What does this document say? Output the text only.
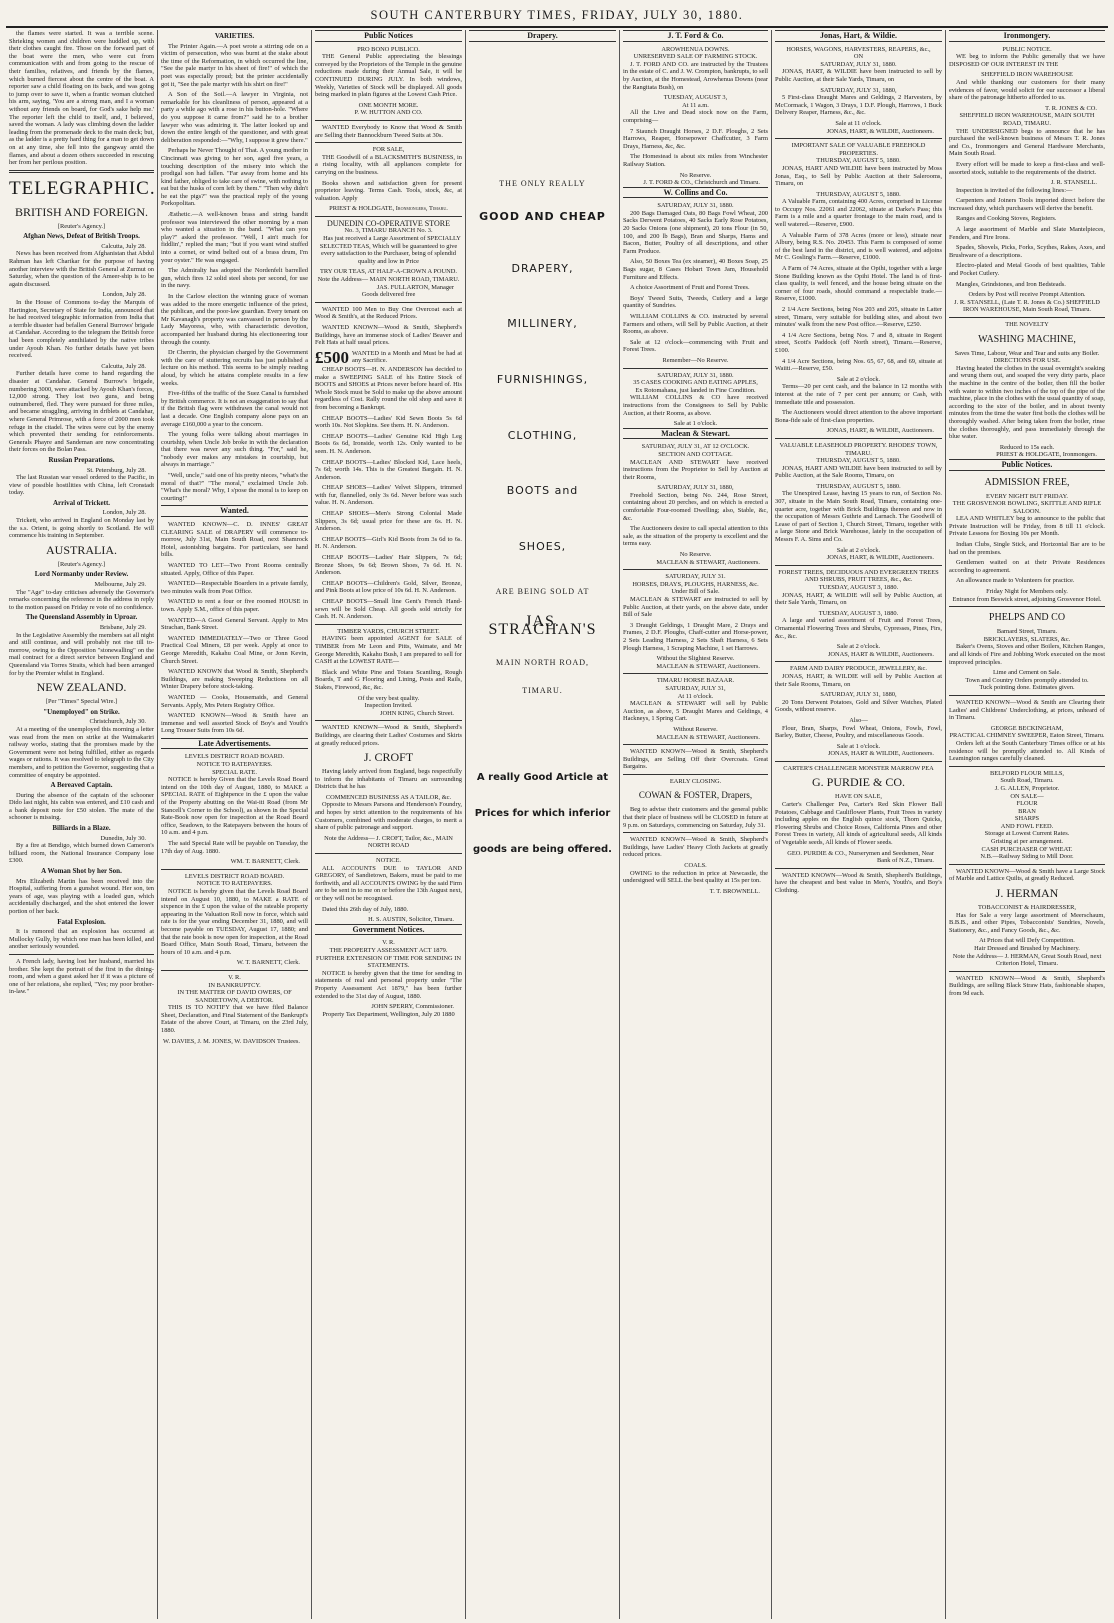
SOUTH CANTERBURY TIMES, FRIDAY, JULY 30, 1880.

the flames were started. It was a terrible scene. Shrieking women and children were huddled up, with their clothes caught fire. Those on the forward part of the boat were the men, who were cut from communication with and from going to the rescue of their families, relatives, and friends by the flames, which burned fiercest about the centre of the boat. A reporter saw a child floating on its back, and was going to jump over to save it, when a frantic woman clutched his arm, saying, 'You are a strong man, and I a woman without any friends on board, for God's sake help me.' The reporter left the child to itself, and, I believed, saved the woman. A lady was climbing down the ladder leading from the promenade deck to the main deck; but, as the ladder is a pretty hard thing for a man to get down on at any time, she fell into the gangway amid the flames, and about a dozen others succeeded in rescuing her from her perilous position.

TELEGRAPHIC.
BRITISH AND FOREIGN.
[Reuter's Agency.]
Afghan News, Defeat of British Troops.
Calcutta, July 28.

News has been received from Afghanistan that Abdul Rahman has left Charikar for the purpose of having another interview with the British General at Zurmut on Saturday, when the question of the Ameer-ship is to be again discussed.

London, July 28.

In the House of Commons to-day the Marquis of Hartington, Secretary of State for India, announced that he had received telegraphic information from India that a terrible disaster had befallen General Burrows' brigade at Candahar. According to the telegram the British force had been completely annihilated by the native tribes under Ayoub Khan. No further details have yet been received.

Calcutta, July 28.

Further details have come to hand regarding the disaster at Candahar. General Burrow's brigade, numbering 3000, were attacked by Ayoub Khan's forces, 12,000 strong. They lost two guns, and being outnumbered, fled. They were pursued for three miles, and became straggling, arriving in driblets at Candahar, where General Primrose, with a force of 2000 men took refuge in the citadel. The wires were cut by the enemy which prevented their sending for reinforcements. Generals Phayre and Sandeman are now concentrating their forces on the Bolan Pass.

Russian Preparations.
St. Petersburg, July 28.

The last Russian war vessel ordered to the Pacific, in view of possible hostilities with China, left Cronstadt today.

Arrival of Trickett.
London, July 28.

Trickett, who arrived in England on Monday last by the s.s. Orient, is going shortly to Scotland. He will commence his training in September.

AUSTRALIA.
[Reuter's Agency.]
Lord Normanby under Review.
Melbourne, July 29.

The "Age" to-day criticises adversely the Governor's remarks concerning the reference in the address in reply to the motion passed on Friday re vote of no confidence.

The Queensland Assembly in Uproar.
Brisbane, July 29.

In the Legislative Assembly the members sat all night and still continue, and will probably not rise till to-morrow, owing to the Opposition "stonewalling" on the mail contract for a direct service between England and Queensland via Torres Straits, which had been arranged for by the Premier whilst in England.

NEW ZEALAND.
[Per "Times" Special Wire.]
"Unemployed" on Strike.
Christchurch, July 30.

At a meeting of the unemployed this morning a letter was read from the men on strike at the Waimakariri railway works, stating that the promises made by the Government were not being fulfilled, either as regards wages or rations. It was resolved to telegraph to the City members, and to petition the Governor, suggesting that a committee of enquiry be appointed.

A Bereaved Captain.

During the absence of the captain of the schooner Dido last night, his cabin was entered, and £10 cash and a bank deposit note for £50 stolen. The mate of the schooner is missing.

Billiards in a Blaze.
Dunedin, July 30.

By a fire at Bendigo, which burned down Cameron's billiard room, the National Insurance Company lose £300.

A Woman Shot by her Son.

Mrs Elizabeth Martin has been received into the Hospital, suffering from a gunshot wound. Her son, ten years of age, was playing with a loaded gun, which accidentally discharged, and the shot entered the lower portion of her back.

Fatal Explosion.

It is rumored that an explosion has occurred at Mullocky Gully, by which one man has been killed, and another seriously wounded.

A French lady, having lost her husband, married his brother. She kept the portrait of the first in the dining-room, and when a guest asked her if it was a picture of one of her relations, she replied, "Yes; my poor brother-in-law."

VARIETIES.

The Printer Again.—A poet wrote a stirring ode on a victim of persecution, who was burnt at the stake about the time of the Reformation, in which occurred the line, "See the pale martyr in his sheet of fire!" of which the poet was especially proud; but the printer accidentally got it, "See the pale martyr with his shirt on fire!"

A Son of the Soil.—A lawyer in Virginia, not remarkable for his cleanliness of person, appeared at a party a while ago with a rose in his button-hole. "Where do you suppose it came from?" said he to a brother lawyer who was admiring it. The latter looked up and down the entire length of the questioner, and with great deliberation responded:—"Why, I suppose it grew there."

Perhaps he Never Thought of That. A young mother in Cincinnati was giving to her son, aged five years, a touching description of the misery into which the prodigal son had fallen. "Far away from home and his kind father, obliged to take care of swine, with nothing to eat but the husks of corn left by them." "Then why didn't he eat the pigs?" was the practical reply of the young Porkopolitan.

Æsthetic.—A well-known brass and string bandit professor was interviewed the other morning by a man who wanted a situation in the band. "What can you play?" asked the professor. "Well, I ain't much for fiddlin'," replied the man; "but if you want wind stuffed into a cornet, or wind belted out of a brass drum, I'm your oyster." He was engaged.

The Admiralty has adopted the Nordenfelt barrelled gun, which fires 12 solid steel shots per second, for use in the navy.

In the Carlow election the winning grace of woman was added to the more energetic influence of the priest, the publican, and the poor-law guardian. Every tenant on Mr Kavanagh's property was canvassed in person by the Lady Mayoress, who, with characteristic devotion, accompanied her husband during his electioneering tour through the county.

Dr Cherrin, the physician charged by the Government with the care of stuttering recruits has just published a lecture on his method. This seems to be simply reading aloud, by which he attains complete results in a few weeks.

Five-fifths of the traffic of the Suez Canal is furnished by British commerce. It is not an exaggeration to say that if the British flag were withdrawn the canal would not last a decade. One English company alone pays on an average £160,000 a year to the concern.

The young folks were talking about marriages in courtship, when Uncle Job broke in with the declaration that there was never any such thing. "For," said he, "nobody ever makes any mistakes in courtship, but always in marriage."

"Well, uncle," said one of his pretty nieces, "what's the moral of that?" "The moral," exclaimed Uncle Job. "What's the moral? Why, I s'pose the moral is to keep on courting!"

Wanted.

WANTED KNOWN—C. D. INNES' GREAT CLEARING SALE of DRAPERY will commence to-morrow, July 31st, Main South Road, next Shamrock Hotel, astonishing bargains. For particulars, see hand bills.

WANTED TO LET—Two Front Rooms centrally situated. Apply, Office of this Paper.

WANTED—Respectable Boarders in a private family, two minutes walk from Post Office.

WANTED to rent a four or five roomed HOUSE in town. Apply S.M., office of this paper.

WANTED—A Good General Servant. Apply to Mrs Strachan, Bank Street.

WANTED IMMEDIATELY—Two or Three Good Practical Coal Miners, £8 per week. Apply at once to George Meredith, Kakahu Coal Mine, or Jonn Kevin, Church Street.

WANTED KNOWN that Wood & Smith, Shepherd's Buildings, are making Sweeping Reductions on all Winter Drapery before stock-taking.

WANTED — Cooks, Housemaids, and General Servants. Apply, Mrs Peters Registry Office.

WANTED KNOWN—Wood & Smith have an immense and well assorted Stock of Boy's and Youth's Long Trouser Suits from 10s 6d.

Late Advertisements.
LEVELS DISTRICT ROAD BOARD.
NOTICE TO RATEPAYERS.
SPECIAL RATE.

NOTICE is hereby Given that the Levels Road Board intend on the 10th day of August, 1880, to MAKE a SPECIAL RATE of Eightpence in the £ upon the value of the Property abutting on the Wai-iti Road (from Mr Stancell's Corner to the School), as shown in the Special Rate-Book now open for inspection at the Road Board office, Seadown, to the Ratepayers between the hours of 10 a.m. and 4 p.m.

The said Special Rate will be payable on Tuesday, the 17th day of Aug. 1880.

WM. T. BARNETT, Clerk.
LEVELS DISTRICT ROAD BOARD.
NOTICE TO RATEPAYERS.

NOTICE is hereby given that the Levels Road Board intend on August 10, 1880, to MAKE a RATE of sixpence in the £ upon the value of the rateable property appearing in the Valuation Roll now in force, which said rate is for the year ending December 31, 1880, and will become payable on TUESDAY, August 17, 1880; and that the rate book is now open for inspection, at the Road Board Office, Main South Road, Timaru, between the hours of 10 a.m. and 4 p.m.

W. T. BARNETT, Clerk.
V. R.
IN BANKRUPTCY.
IN THE MATTER OF DAVID OWERS, OF SANDIETOWN, A DEBTOR.

THIS IS TO NOTIFY that we have filed Balance Sheet, Declaration, and Final Statement of the Bankrupt's Estate of the above Court, at Timaru, on the 23rd July, 1880.

W. DAVIES, J. M. JONES, W. DAVIDSON Trustees.
Public Notices
PRO BONO PUBLICO.

THE General Public appreciating the blessings conveyed by the Proprietors of the Temple in the genuine reductions made during their Annual Sale, it will be CONTINUED DURING JULY. In both windows, Weekly, Varieties of Stock will be displayed. All goods being marked in plain figures at the Lowest Cash Price.

ONE MONTH MORE.
P. W. HUTTON AND CO.

WANTED Everybody to Know that Wood & Smith are Selling their Bannockburn Tweed Suits at 30s.

FOR SALE,

THE Goodwill of a BLACKSMITH'S BUSINESS, in a rising locality, with all appliances complete for carrying on the business.

Books shown and satisfaction given for present proprietor leaving. Terms Cash. Tools, stock, &c, at valuation. Apply

PRIEST & HOLDGATE, Ironmongers, Timaru.
DUNEDIN CO-OPERATIVE STORE
No. 3, TIMARU BRANCH No. 3.

Has just received a Large Assortment of SPECIALLY SELECTED TEAS, Which will be guaranteed to give every satisfaction to the Purchaser, being of splendid quality and low in Price

TRY OUR TEAS, AT HALF-A-CROWN A POUND.
Note the Address— MAIN NORTH ROAD, TIMARU.
JAS. FULLARTON, Manager
Goods delivered free

WANTED 100 Men to Buy One Overcoat each at Wood & Smith's, at the Reduced Prices.

WANTED KNOWN—Wood & Smith, Shepherd's Buildings, have an immense stock of Ladies' Beaver and Felt Hats at half usual prices.

£500 WANTED in a Month and Must be had at any Sacrifice.

CHEAP BOOTS—H. N. ANDERSON has decided to make a SWEEPING SALE of his Entire Stock of BOOTS and SHOES at Prices never before heard of. His Whole Stock must be Sold to make up the above amount regardless of Cost. Rally round the old shop and save it from becoming a Bankrupt.

CHEAP BOOTS—Ladies' Kid Sewn Boots 5s 6d worth 10s. Not Slopkins. See them. H. N. Anderson.

CHEAP BOOTS—Ladies' Genuine Kid High Leg Boots 6s 6d, Ironside, worth 12s. Only wanted to be seen. H. N. Anderson.

CHEAP BOOTS—Ladies' Blocked Kid, Lace heels, 7s 6d; worth 14s. This is the Greatest Bargain. H. N. Anderson.

CHEAP SHOES—Ladies' Velvet Slippers, trimmed with fur, flannelled, only 3s 6d. Never before was such value. H. N. Anderson.

CHEAP SHOES—Men's Strong Colonial Made Slippers, 3s 6d; usual price for these are 6s. H. N. Anderson.

CHEAP BOOTS—Girl's Kid Boots from 3s 6d to 6s. H. N. Anderson.

CHEAP BOOTS—Ladies' Hair Slippers, 7s 6d; Bronze Shoes, 9s 6d; Brown Shoes, 7s 6d. H. N. Anderson.

CHEAP BOOTS—Children's Gold, Silver, Bronze, and Pink Boots at low price of 10s 6d. H. N. Anderson.

CHEAP BOOTS—Small line Gent's French Hand-sewn will be Sold Cheap. All goods sold strictly for Cash. H. N. Anderson.

TIMBER YARDS, CHURCH STREET.

HAVING been appointed AGENT for SALE of TIMBER from Mr Leon and Pitts, Waimate, and Mr George Meredith, Kakahu Bush, I am prepared to sell for CASH at the LOWEST RATE—

Black and White Pine and Totara Scantling, Rough Boards, T and G Flooring and Lining, Posts and Rails, Stakes, Firewood, &c, &c.

Of the very best quality.
Inspection Invited.
JOHN KING, Church Street.

WANTED KNOWN—Wood & Smith, Shepherd's Buildings, are clearing their Ladies' Costumes and Skirts at greatly reduced prices.

J. CROFT

Having lately arrived from England, begs respectfully to inform the inhabitants of Timaru an surrounding Districts that he has

COMMENCED BUSINESS AS A TAILOR, &c.

Opposite to Messrs Parsons and Henderson's Foundry, and hopes by strict attention to the requirements of his Customers, combined with moderate charges, to merit a share of public patronage and support.

Note the Address— J. CROFT, Tailor, &c., MAIN NORTH ROAD
NOTICE.

ALL ACCOUNTS DUE to TAYLOR AND GREGORY, of Sandietown, Bakers, must be paid to me forthwith, and all ACCOUNTS OWING by the said Firm are to be sent in to me on or before the 13th August next, or they will not be recognised.

Dated this 26th day of July, 1880.

H. S. AUSTIN, Solicitor, Timaru.
Government Notices.
V. R.
THE PROPERTY ASSESSMENT ACT 1879.
FURTHER EXTENSION OF TIME FOR SENDING IN STATEMENTS.

NOTICE is hereby given that the time for sending in statements of real and personal property under "The Property Assessment Act 1879," has been further extended to the 31st day of August, 1880.

JOHN SPERRY, Commissioner.
Property Tax Department, Wellington, July 20 1880
Drapery.
THE ONLY REALLY
GOOD AND CHEAP
DRAPERY,
MILLINERY,
FURNISHINGS,
CLOTHING,
BOOTS and
SHOES,
ARE BEING SOLD AT
JAS. STRACHAN'S
MAIN NORTH ROAD,
TIMARU.
A really Good Article at
Prices for which inferior
goods are being offered.
J. T. Ford & Co.
AROWHENUA DOWNS.
UNRESERVED SALE OF FARMING STOCK.

J. T. FORD AND CO. are instructed by the Trustees in the estate of C. and J. W. Crompton, bankrupts, to sell by Auction, at the Homestead, Arowhenua Downs (near the Rangitata Bush), on

TUESDAY, AUGUST 3,
At 11 a.m.

All the Live and Dead stock now on the Farm, comprising—

7 Staunch Draught Horses, 2 D.F. Ploughs, 2 Sets Harrows, Reaper, Horsepower Chaffcutter, 3 Farm Drays, Harness, &c, &c.

The Homestead is about six miles from Winchester Railway Station.

No Reserve.
J. T. FORD & CO., Christchurch and Timaru.
W. Collins and Co.
SATURDAY, JULY 31, 1880.

200 Bags Damaged Oats, 80 Bags Fowl Wheat, 200 Sacks Derwent Potatoes, 40 Sacks Early Rose Potatoes, 20 Sacks Onions (one shipment), 20 tons Flour (in 50, 100, and 200 lb Bags), Bran and Sharps, Hams and Bacon, Butter, Poultry of all descriptions, and other Farm Produce.

Also, 50 Boxes Tea (ex steamer), 40 Boxes Soap, 25 Bags sugar, 8 Cases Hobart Town Jam, Household Furniture and Effects.

A choice Assortment of Fruit and Forest Trees.

Boys' Tweed Suits, Tweeds, Cutlery and a large quantity of Sundries.

WILLIAM COLLINS & CO. instructed by several Farmers and others, will Sell by Public Auction, at their Rooms, as above.

Sale at 12 o'clock—commencing with Fruit and Forest Trees.

Remember—No Reserve.
SATURDAY, JULY 31, 1880.
35 CASES COOKING AND EATING APPLES,
Ex Rotomahana, just landed in Fine Condition.

WILLIAM COLLINS & CO have received instructions from the Consignees to Sell by Public Auction, at their Rooms, as above.

Sale at 1 o'clock.
Maclean & Stewart.
SATURDAY, JULY 31, AT 12 O'CLOCK.
SECTION AND COTTAGE.

MACLEAN AND STEWART have received instructions from the Proprietor to Sell by Auction at their Rooms,

SATURDAY, JULY 31, 1880,

Freehold Section, being No. 244, Rose Street, containing about 20 perches, and on which is erected a comfortable Four-roomed Dwelling; also, Stable, &c, &c.

The Auctioneers desire to call special attention to this sale, as the situation of the property is excellent and the terms easy.

No Reserve.
MACLEAN & STEWART, Auctioneers.
SATURDAY, JULY 31.
HORSES, DRAYS, PLOUGHS, HARNESS, &c.
Under Bill of Sale.

MACLEAN & STEWART are instructed to sell by Public Auction, at their yards, on the above date, under Bill of Sale

3 Draught Geldings, 1 Draught Mare, 2 Drays and Frames, 2 D.F. Ploughs, Chaff-cutter and Horse-power, 2 Sets Leading Harness, 2 Sets Shaft Harness, 6 Sets Plough Harness, 1 Scraping Machine, 1 set Harrows.

Without the Slightest Reserve.
MACLEAN & STEWART, Auctioneers.
TIMARU HORSE BAZAAR.
SATURDAY, JULY 31,
At 11 o'clock.

MACLEAN & STEWART will sell by Public Auction, as above, 5 Draught Mares and Geldings, 4 Hackneys, 1 Spring Cart.

Without Reserve.
MACLEAN & STEWART, Auctioneers.

WANTED KNOWN—Wood & Smith, Shepherd's Buildings, are Selling Off their Overcoats. Great Bargains.

EARLY CLOSING.
COWAN & FOSTER, Drapers,

Beg to advise their customers and the general public that their place of business will be CLOSED in future at 9 p.m. on Saturdays, commencing on Saturday, July 31.

WANTED KNOWN—Wood & Smith, Shepherd's Buildings, have Ladies' Heavy Cloth Jackets at greatly reduced prices.

COALS.

OWING to the reduction in price at Newcastle, the undersigned will SELL the best quality at 15s per ton.

T. T. BROWNELL.
Jonas, Hart, & Wildie.
HORSES, WAGONS, HARVESTERS, REAPERS, &c.,
ON
SATURDAY, JULY 31, 1880.

JONAS, HART, & WILDIE have been instructed to sell by Public Auction, at their Sale Yards, Timaru, on

SATURDAY, JULY 31, 1880,

5 First-class Draught Mares and Geldings, 2 Harvesters, by McCormack, 1 Wagon, 3 Drays, 1 D.F. Plough, Harrows, 1 Buck Delivery Reaper, Harness, &c., &c.

Sale at 11 o'clock.
JONAS, HART, & WILDIE, Auctioneers.
IMPORTANT SALE OF VALUABLE FREEHOLD PROPERTIES.
THURSDAY, AUGUST 5, 1880.

JONAS, HART AND WILDIE have been instructed by Moss Jonas, Esq., to Sell by Public Auction at their Salerooms, Timaru, on

THURSDAY, AUGUST 5, 1880.

A Valuable Farm, containing 400 Acres, comprised in License to Occupy Nos. 22061 and 22062, situate at Darke's Pass; this Farm is a mile and a quarter frontage to the main road, and is well watered.—Reserve, £900.

A Valuable Farm of 378 Acres (more or less), situate near Albury, being R.S. No. 20453. This Farm is composed of some of the best land in the district, and is well watered, and adjoins Mr C. Gosling's Farm.—Reserve, £1000.

A Farm of 74 Acres, situate at the Opihi, together with a large Stone Building known as the Opihi Hotel. The land is of first-class quality, is well fenced, and the house being situate on the corner of four roads, should command a respectable trade.—Reserve, £1000.

2 1/4 Acre Sections, being Nos 203 and 205, situate in Latter street, Timaru, very suitable for building sites, and about two minutes' walk from the new Post office.—Reserve, £250.

4 1/4 Acre Sections, being Nos. 7 and 8, situate in Regent street, Scott's Paddock (off North street), Timaru.—Reserve, £100.

4 1/4 Acre Sections, being Nos. 65, 67, 68, and 69, situate at Waiiti.—Reserve, £50.

Sale at 2 o'clock.

Terms—20 per cent cash, and the balance in 12 months with interest at the rate of 7 per cent per annum; or Cash, with immediate title and possession.

The Auctioneers would direct attention to the above important Bona-fide sale of first-class properties.

JONAS, HART, & WILDIE, Auctioneers.
VALUABLE LEASEHOLD PROPERTY. RHODES' TOWN, TIMARU.
THURSDAY, AUGUST 5, 1880.

JONAS, HART AND WILDIE have been instructed to sell by Public Auction, at the Sale Rooms, Timaru, on

THURSDAY, AUGUST 5, 1880.

The Unexpired Lease, having 15 years to run, of Section No. 307, situate in the Main South Road, Timaru, containing one-quarter acre, together with Brick Buildings thereon and now in the occupation of Messrs Guthrie and Larnach. The Goodwill of Lease of part of Section 1, Church Street, Timaru, together with a large Stone and Brick Warehouse, lately in the occupation of Messrs F. A. Sims and Co.

Sale at 2 o'clock.
JONAS, HART, & WILDIE, Auctioneers.
FOREST TREES, DECIDUOUS AND EVERGREEN TREES AND SHRUBS, FRUIT TREES, &c., &c.
TUESDAY, AUGUST 3, 1880.

JONAS, HART, & WILDIE will sell by Public Auction, at their Sale Yards, Timaru, on

TUESDAY, AUGUST 3, 1880.

A large and varied assortment of Fruit and Forest Trees, Ornamental Flowering Trees and Shrubs, Cypresses, Pines, Firs, &c., &c.

Sale at 2 o'clock.
JONAS, HART & WILDIE, Auctioneers.
FARM AND DAIRY PRODUCE, JEWELLERY, &c.

JONAS, HART, & WILDIE will sell by Public Auction at their Sale Rooms, Timaru, on

SATURDAY, JULY 31, 1880,

20 Tons Derwent Potatoes, Gold and Silver Watches, Plated Goods, without reserve.

Also—

Flour, Bran, Sharps, Fowl Wheat, Onions, Fowls, Fowl, Barley, Butter, Cheese, Poultry, and miscellaneous Goods.

Sale at 1 o'clock.
JONAS, HART & WILDIE, Auctioneers.
CARTER'S CHALLENGER MONSTER MARROW PEA
G. PURDIE & CO.
HAVE ON SALE,

Carter's Challenger Pea, Carter's Red Skin Flower Ball Potatoes, Cabbage and Cauliflower Plants, Fruit Trees in variety including apples on the English quince stock, Thorn Quicks, Flowering Shrubs and Choice Roses, California Pines and other Forest Trees in variety, All kinds of agricultural seeds, All kinds of Vegetable seeds, All kinds of Flower seeds.

GEO. PURDIE & CO., Nurserymen and Seedsmen, Near Bank of N.Z., Timaru.

WANTED KNOWN—Wood & Smith, Shepherd's Buildings, have the cheapest and best value in Men's, Youth's, and Boy's Clothing.

Ironmongery.
PUBLIC NOTICE.

WE beg to inform the Public generally that we have DISPOSED OF OUR INTEREST IN THE

SHEFFIELD IRON WAREHOUSE

And while thanking our customers for their many evidences of favor, would solicit for our successor a liberal share of the patronage hitherto afforded to us.

T. R. JONES & CO.
SHEFFIELD IRON WAREHOUSE, MAIN SOUTH ROAD, TIMARU.

THE UNDERSIGNED begs to announce that he has purchased the well-known business of Messrs T. R. Jones and Co., Ironmongers and General Hardware Merchants, Main South Road.

Every effort will be made to keep a first-class and well-assorted stock, suitable to the requirements of the district.

J. R. STANSELL.

Inspection is invited of the following lines:—

Carpenters and Joiners Tools imported direct before the increased duty, which purchasers will derive the benefit.

Ranges and Cooking Stoves, Registers.

A large assortment of Marble and Slate Mantelpieces, Fenders, and Fire Irons.

Spades, Shovels, Picks, Forks, Scythes, Rakes, Axes, and Brushware of a descriptions.

Electro-plated and Metal Goods of best qualities, Table and Pocket Cutlery.

Mangles, Grindstones, and Iron Bedsteads.

Orders by Post will receive Prompt Attention.
J. R. STANSELL, (Late T. R. Jones & Co.) SHEFFIELD IRON WAREHOUSE, Main South Road, Timaru.
THE NOVELTY
WASHING MACHINE,
Saves Time, Labour, Wear and Tear and suits any Boiler.
DIRECTIONS FOR USE.

Having heated the clothes in the usual overnight's soaking and wrung them out, and soaped the very dirty parts, place the machine in the centre of the boiler, then fill the boiler with water to within two inches of the top of the pipe of the machine, place in the clothes with the usual quantity of soap, according to the size of the boiler, and in about twenty minutes from the time the water first boils the clothes will be thoroughly washed. After being taken from the boiler, rinse the clothes thoroughly, and pass immediately through the blue water.

Reduced to 15s each.
PRIEST & HOLDGATE, Ironmongers.
Public Notices.
ADMISSION FREE,
EVERY NIGHT BUT FRIDAY.
THE GROSVENOR BOWLING, SKITTLE AND RIFLE SALOON.

LEA AND WHITLEY beg to announce to the public that Private Instruction will be Friday, from 8 till 11 o'clock. Private Lessons for Boxing 10s per Month.

Indian Clubs, Single Stick, and Horizontal Bar are to be had on the premises.

Gentlemen waited on at their Private Residences according to agreement.

An allowance made to Volunteers for practice.

Friday Night for Members only.
Entrance from Beswick street, adjoining Grosvenor Hotel.
PHELPS AND CO
Barnard Street, Timaru.
BRICKLAYERS, SLATERS, &c.

Baker's Ovens, Stoves and other Boilers, Kitchen Ranges, and all kinds of Fire and Jobbing Work executed on the most improved principles.

Lime and Cement on Sale.
Town and Country Orders promptly attended to.
Tuck pointing done. Estimates given.

WANTED KNOWN—Wood & Smith are Clearing their Ladies' and Childrens' Underclothing, at prices, unheard of in Timaru.

GEORGE BECKINGHAM,
PRACTICAL CHIMNEY SWEEPER, Eaton Street, Timaru.

Orders left at the South Canterbury Times office or at his residence will be promptly attended to. All Kinds of Leamington ranges carefully cleaned.

BELFORD FLOUR MILLS,
South Road, Timaru.
J. G. ALLEN, Proprietor.
ON SALE—
FLOUR
BRAN
SHARPS
AND FOWL FEED.
Storage at Lowest Current Rates.
Gristing at per arrangement.
CASH PURCHASER OF WHEAT.
N.B.—Railway Siding to Mill Door.

WANTED KNOWN—Wood & Smith have a Large Stock of Marble and Lattice Quilts, at greatly Reduced.

J. HERMAN
TOBACCONIST & HAIRDRESSER,

Has for Sale a very large assortment of Meerschaum, B.B.B., and other Pipes, Tobacconists' Sundries, Novels, Stationery, &c., and Fancy Goods, &c., &c.

At Prices that will Defy Competition.
Hair Dressed and Brushed by Machinery.
Note the Address— J. HERMAN, Great South Road, next Criterion Hotel, Timaru.

WANTED KNOWN—Wood & Smith, Shepherd's Buildings, are selling Black Straw Hats, fashionable shapes, from 9d each.
